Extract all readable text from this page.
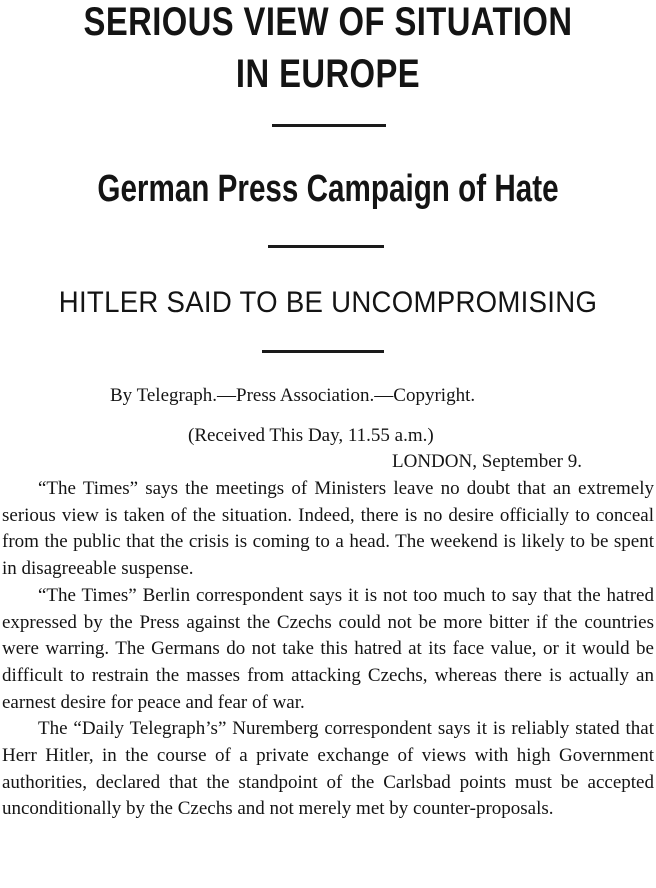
SERIOUS VIEW OF SITUATION
IN EUROPE
German Press Campaign of Hate
HITLER SAID TO BE UNCOMPROMISING

By Telegraph.—Press Association.—Copyright.

(Received This Day, 11.55 a.m.)

LONDON, September 9.

“The Times” says the meetings of Ministers leave no doubt that an extremely serious view is taken of the situation. Indeed, there is no desire officially to conceal from the public that the crisis is coming to a head. The weekend is likely to be spent in disagreeable suspense.

“The Times” Berlin correspondent says it is not too much to say that the hatred expressed by the Press against the Czechs could not be more bitter if the countries were warring. The Germans do not take this hatred at its face value, or it would be difficult to restrain the masses from attacking Czechs, whereas there is actually an earnest desire for peace and fear of war.

The “Daily Telegraph’s” Nuremberg correspondent says it is reliably stated that Herr Hitler, in the course of a private exchange of views with high Government authorities, declared that the standpoint of the Carlsbad points must be accepted unconditionally by the Czechs and not merely met by counter-proposals.
